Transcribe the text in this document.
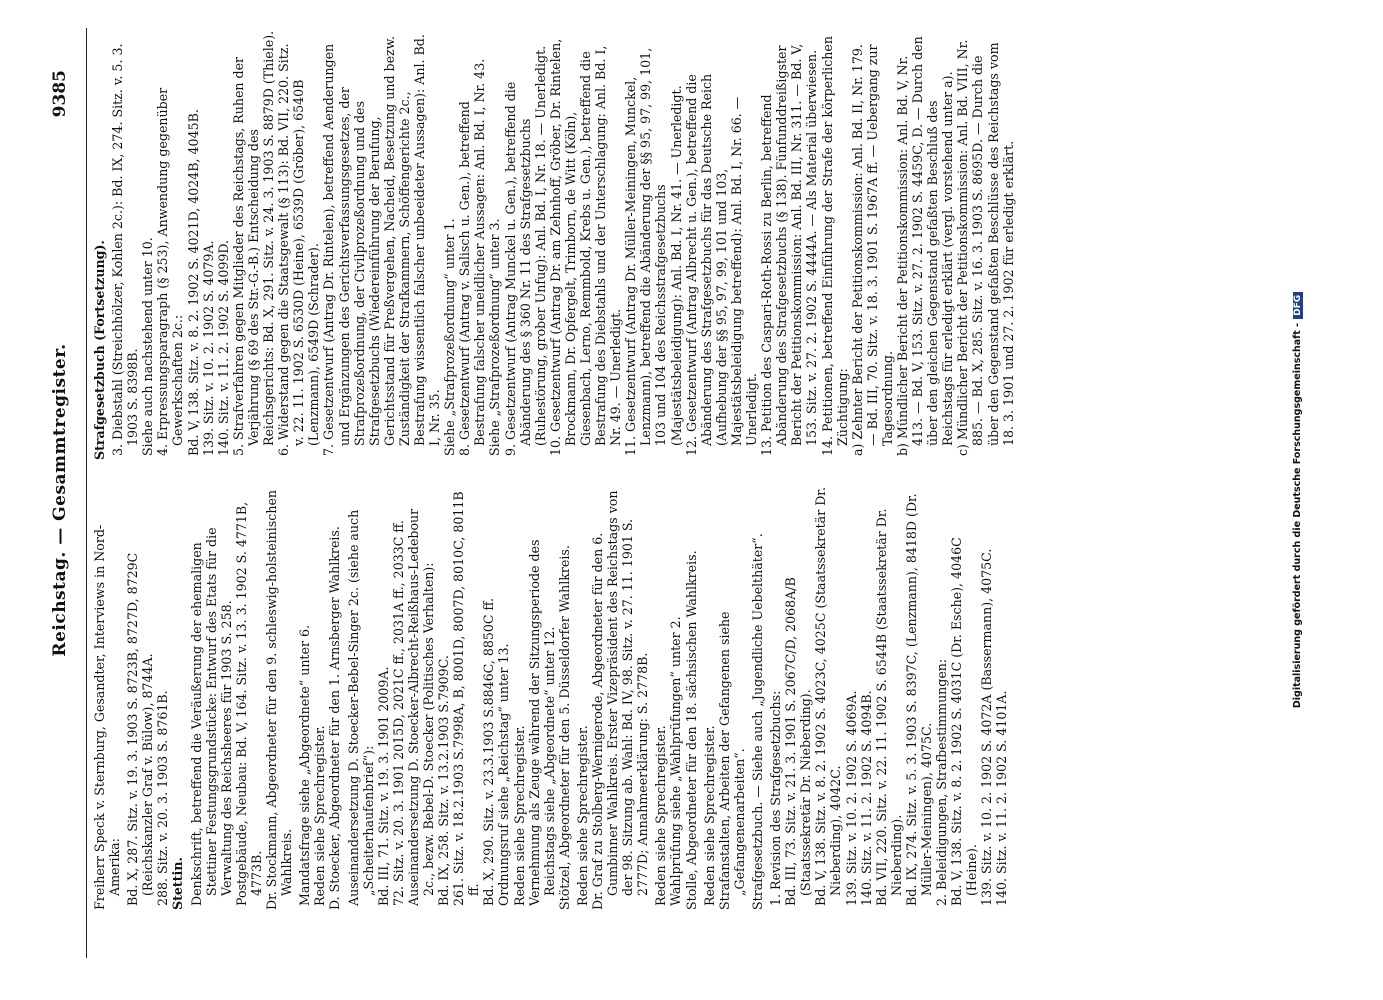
Reichstag. — Gesammtregister.
9385
Freiherr Speck v. Sternburg, Gesandter, Interviews in Nord-Amerika: Bd. X, 287. Sitz. v. 19. 3. 1903 S. 8723B, 8727D, 8729C (Reichskanzler Graf v. Bülow), 8744A. 288. Sitz. v. 20. 3. 1903 S. 8761B. Stettin. Denkschrift, betreffend die Veräußerung der ehemaligen Stettiner Festungsgrundstücke: Entwurf des Etats für die Verwaltung des Reichsheeres für 1903 S. 258. Postgebäude, Neubau: Bd. V, 164. Sitz. v. 13. 3. 1902 S. 4771B, 4773B. Dr. Stockmann, Abgeordneter für den 9. schleswig-holsteinischen Wahlkreis. Mandatsfrage siehe „Abgeordnete“ unter 6. Reden siehe Sprechregister. D. Stoecker, Abgeordneter für den 1. Arnsberger Wahlkreis. Auseinandersetzung D. Stoecker-Bebel-Singer 2c. (siehe auch „Scheiterhaufenbrief“): Bd. III, 71. Sitz. v. 19. 3. 1901 2009A. 72. Sitz. v. 20. 3. 1901 2015D, 2021C ff., 2031A ff., 2033C ff. Auseinandersetzung D. Stoecker-Albrecht-Reißhaus-Ledebour 2c., bezw. Bebel-D. Stoecker (Politisches Verhalten): Bd. IX, 258. Sitz. v. 13.2.1903 S.7909C. 261. Sitz. v. 18.2.1903 S.7998A, B, 8001D, 8007D, 8010C, 8011B ff. Bd. X, 290. Sitz. v. 23.3.1903 S.8846C, 8850C ff. Ordnungsruf siehe „Reichstag“ unter 13. Reden siehe Sprechregister. Vernehmung als Zeuge während der Sitzungsperiode des Reichstags siehe „Abgeordnete“ unter 12. Stötzel, Abgeordneter für den 5. Düsseldorfer Wahlkreis. Reden siehe Sprechregister. Dr. Graf zu Stolberg-Wernigerode, Abgeordneter für den 6. Gumbinner Wahlkreis. Erster Vizepräsident des Reichstags von der 98. Sitzung ab. Wahl: Bd. IV, 98. Sitz. v. 27. 11. 1901 S. 2777D; Annahmeerklärung: S. 2778B. Reden siehe Sprechregister. Wahlprüfung siehe „Wahlprüfungen“ unter 2. Stolle, Abgeordneter für den 18. sächsischen Wahlkreis. Reden siehe Sprechregister. Strafanstalten, Arbeiten der Gefangenen siehe „Gefangenenarbeiten“. Strafgesetzbuch. — Siehe auch „Jugendliche Uebelthäter“. 1. Revision des Strafgesetzbuchs: Bd. III, 73. Sitz. v. 21. 3. 1901 S. 2067C/D, 2068A/B (Staatssekretär Dr. Nieberding). Bd. V, 138. Sitz. v. 8. 2. 1902 S. 4023C, 4025C (Staatssekretär Dr. Nieberding), 4042C. 139. Sitz. v. 10. 2. 1902 S. 4069A. 140. Sitz. v. 11. 2. 1902 S. 4094B. Bd. VII, 220. Sitz. v. 22. 11. 1902 S. 6544B (Staatssekretär Dr. Nieberding). Bd. IX, 274. Sitz. v. 5. 3. 1903 S. 8397C, (Lenzmann), 8418D (Dr. Müller-Meiningen), 4075C. 2. Beleidigungen, Strafbestimmungen: Bd. V, 138. Sitz. v. 8. 2. 1902 S. 4031C (Dr. Esche), 4046C (Heine). 139. Sitz. v. 10. 2. 1902 S. 4072A (Bassermann), 4075C. 140. Sitz. v. 11. 2. 1902 S. 4101A.
Strafgesetzbuch (Fortsetzung). 3. Diebstahl (Streichhölzer, Kohlen 2c.): Bd. IX, 274. Sitz. v. 5. 3. 1903 S. 8398B. Siehe auch nachstehend unter 10. 4. Erpressungsparagraph (§ 253), Anwendung gegenüber Gewerkschaften 2c.: Bd. V, 138. Sitz. v. 8. 2. 1902 S. 4021D, 4024B, 4045B. 139. Sitz. v. 10. 2. 1902 S. 4079A. 140. Sitz. v. 11. 2. 1902 S. 4099D. 5. Strafverfahren gegen Mitglieder des Reichstags, Ruhen der Verjährung (§ 69 des Str.-G.-B.) Entscheidung des Reichsgerichts: Bd. X, 291. Sitz. v. 24. 3. 1903 S. 8879D (Thiele). 6. Widerstand gegen die Staatsgewalt (§ 113): Bd. VII, 220. Sitz. v. 22. 11. 1902 S. 6530D (Heine), 6539D (Gröber), 6540B (Lenzmann), 6549D (Schrader). 7. Gesetzentwurf (Antrag Dr. Rintelen), betreffend Aenderungen und Ergänzungen des Gerichtsverfassungsgesetzes, der Strafprozeßordnung, der Civilprozeßordnung und des Strafgesetzbuchs (Wiedereinführung der Berufung, Gerichtsstand für Preßvergehen, Nacheid, Besetzung und bezw. Zuständigkeit der Strafkammern, Schöffengerichte 2c., Bestrafung wissentlich falscher unbeeideter Aussagen): Anl. Bd. I, Nr. 35. Siehe „Strafprozeßordnung“ unter 1. 8. Gesetzentwurf (Antrag v. Salisch u. Gen.), betreffend Bestrafung falscher uneidlicher Aussagen: Anl. Bd. I, Nr. 43. Siehe „Strafprozeßordnung“ unter 3. 9. Gesetzentwurf (Antrag Munckel u. Gen.), betreffend die Abänderung des § 360 Nr. 11 des Strafgesetzbuchs (Ruhestörung, grober Unfug): Anl. Bd. I, Nr. 18. — Unerledigt. 10. Gesetzentwurf (Antrag Dr. am Zehnhoff, Gröber, Dr. Rintelen, Brockmann, Dr. Opfergelt, Trimborn, de Witt (Köln), Giesenbach, Lerno, Remmbold, Krebs u. Gen.), betreffend die Bestrafung des Diebstahls und der Unterschlagung: Anl. Bd. I, Nr. 49. — Unerledigt. 11. Gesetzentwurf (Antrag Dr. Müller-Meiningen, Munckel, Lenzmann), betreffend die Abänderung der §§ 95, 97, 99, 101, 103 und 104 des Reichsstrafgesetzbuchs (Majestätsbeleidigung): Anl. Bd. I, Nr. 41. — Unerledigt. 12. Gesetzentwurf (Antrag Albrecht u. Gen.), betreffend die Abänderung des Strafgesetzbuchs für das Deutsche Reich (Aufhebung der §§ 95, 97, 99, 101 und 103, Majestätsbeleidigung betreffend): Anl. Bd. I, Nr. 66. — Unerledigt. 13. Petition des Caspari-Roth-Rossi zu Berlin, betreffend Abänderung des Strafgesetzbuchs (§ 138). Fünfunddreißigster Bericht der Petitionskommission: Anl. Bd. III, Nr. 311. — Bd. V, 153. Sitz. v. 27. 2. 1902 S. 4444A. — Als Material überwiesen. 14. Petitionen, betreffend Einführung der Strafe der körperlichen Züchtigung: a) Zehnter Bericht der Petitionskommission: Anl. Bd. II, Nr. 179. — Bd. III, 70. Sitz. v. 18. 3. 1901 S. 1967A ff. — Uebergang zur Tagesordnung. b) Mündlicher Bericht der Petitionskommission: Anl. Bd. V, Nr. 413. — Bd. V, 153. Sitz. v. 27. 2. 1902 S. 4459C, D. — Durch den über den gleichen Gegenstand gefaßten Beschluß des Reichstags für erledigt erklärt (vergl. vorstehend unter a). c) Mündlicher Bericht der Petitionskommission: Anl. Bd. VIII, Nr. 885. — Bd. X, 285. Sitz. v. 16. 3. 1903 S. 8695D. — Durch die über den Gegenstand gefaßten Beschlüsse des Reichstags vom 18. 3. 1901 und 27. 2. 1902 für erledigt erklärt.
Digitalisierung gefördert durch die Deutsche Forschungsgemeinschaft -DFG
